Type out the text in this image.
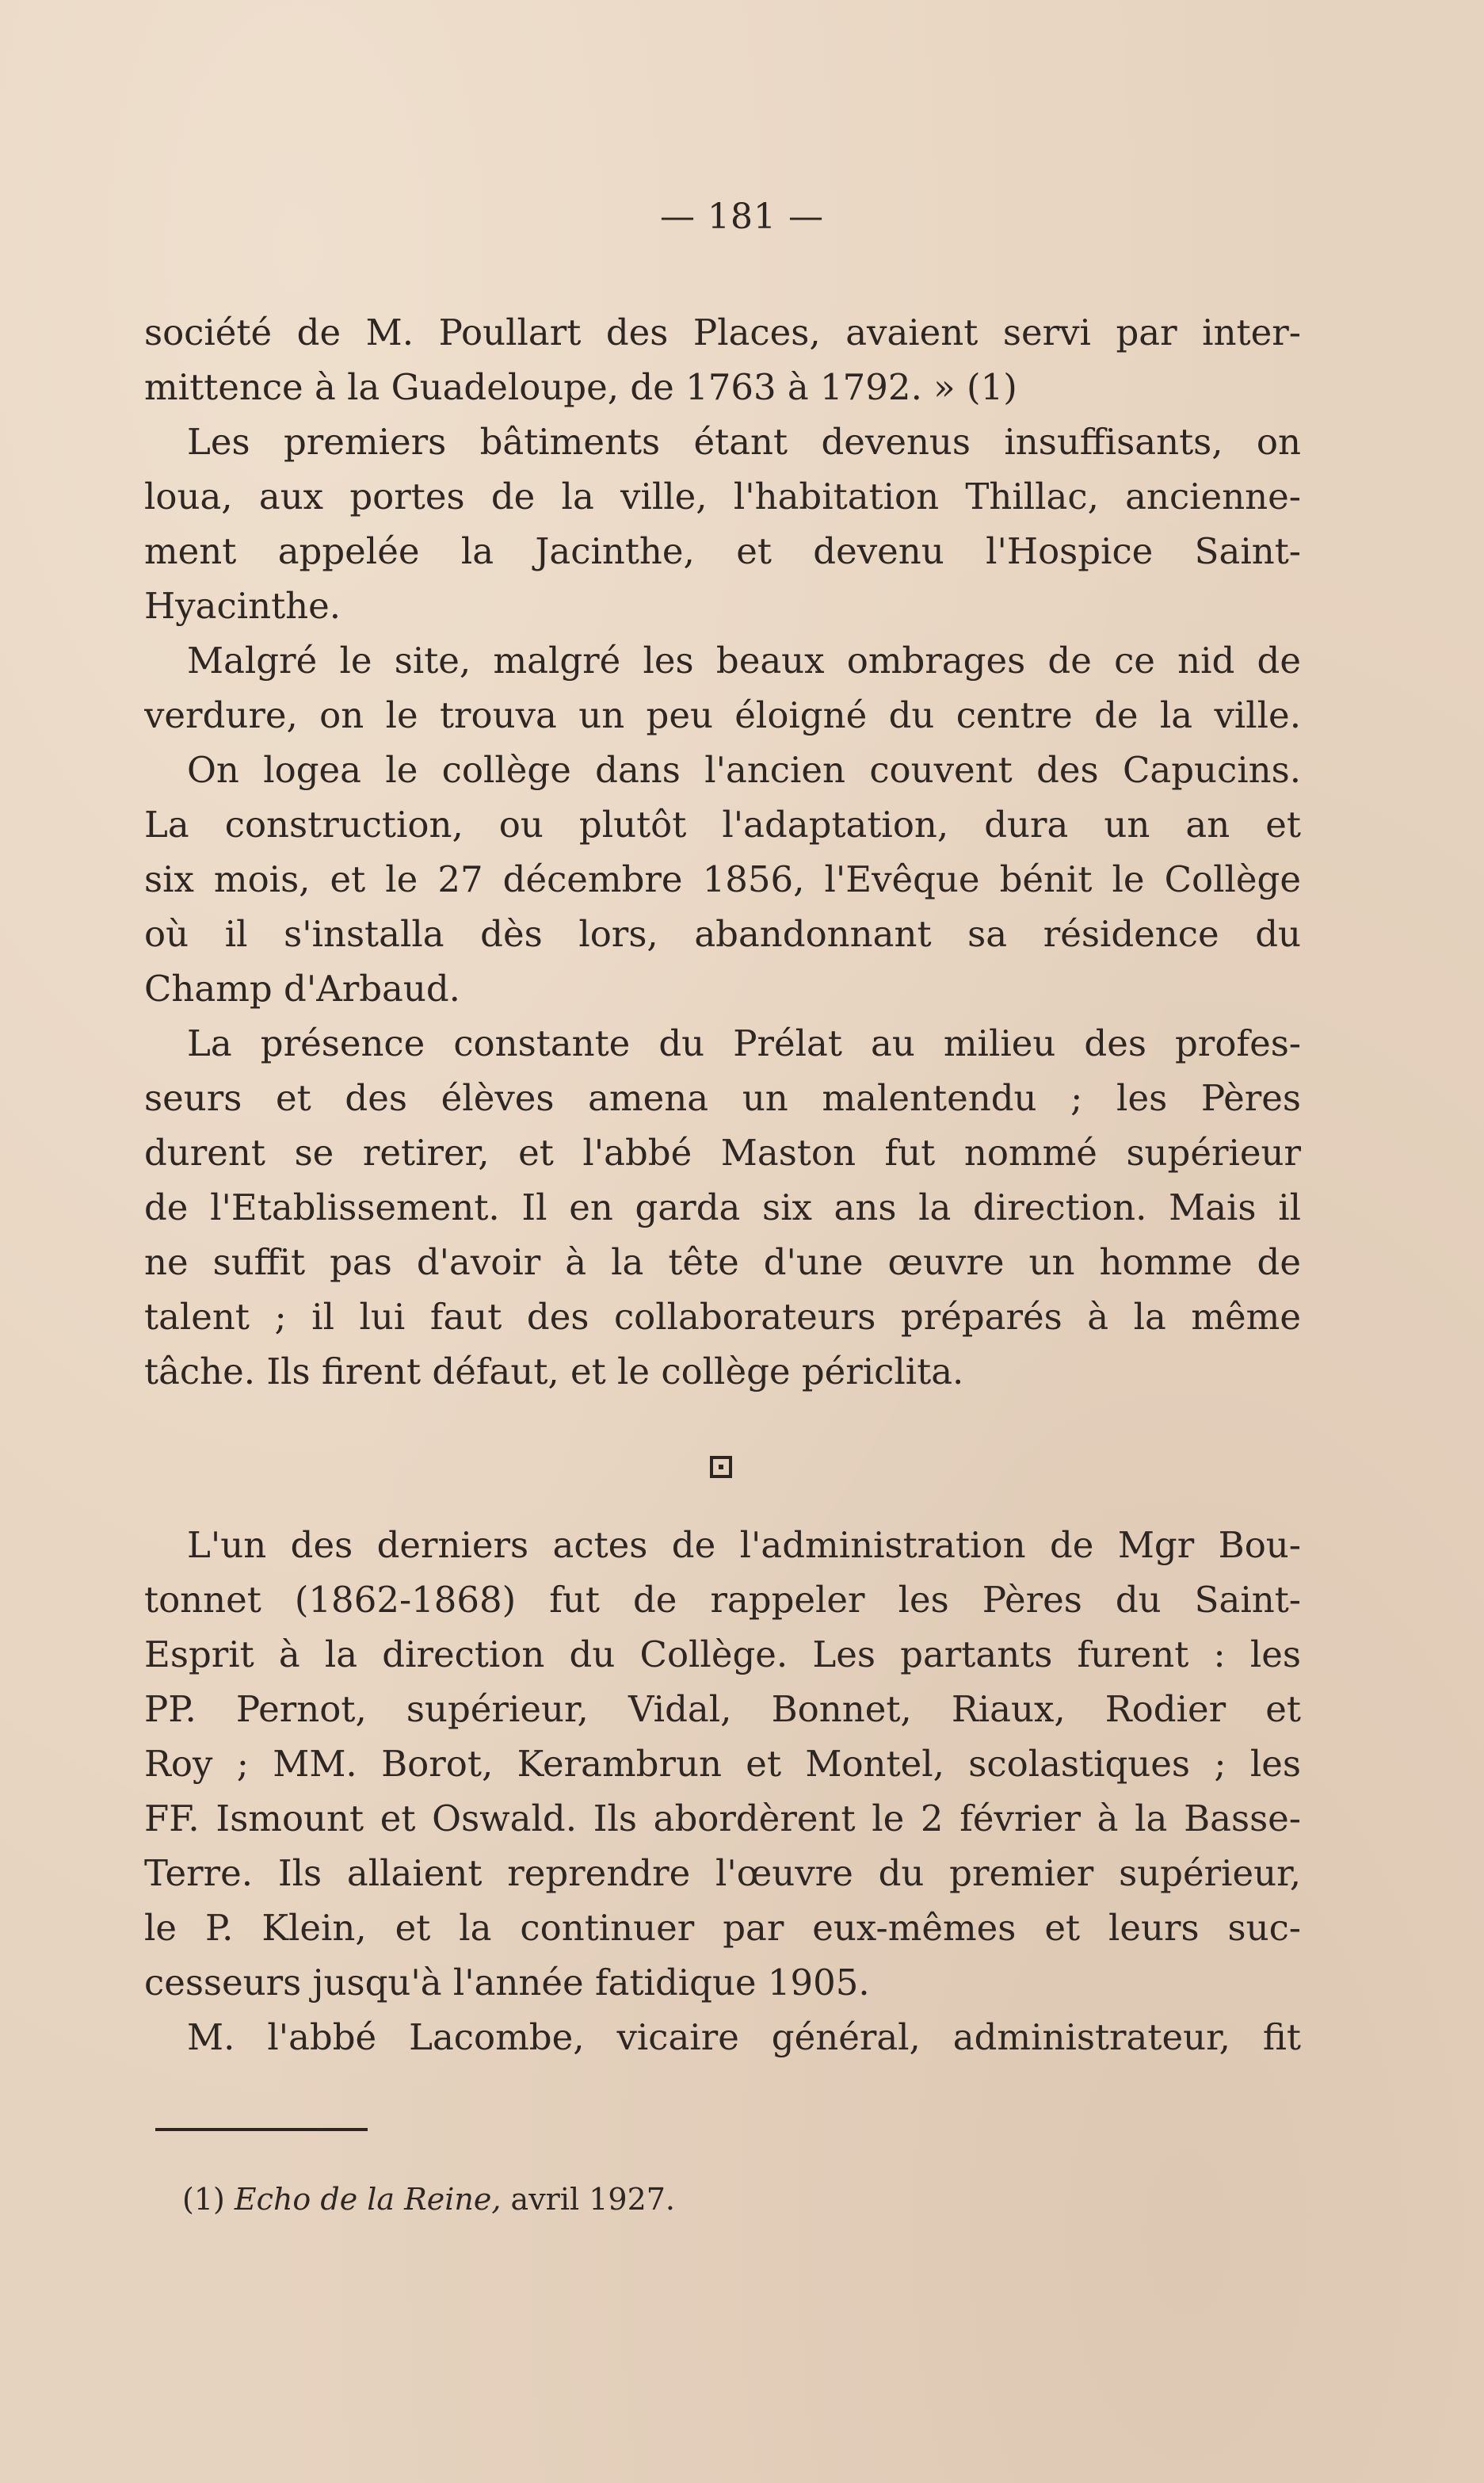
— 181 —
société de M. Poullart des Places, avaient servi par inter-
mittence à la Guadeloupe, de 1763 à 1792. » (1)
Les premiers bâtiments étant devenus insuffisants, on
loua, aux portes de la ville, l'habitation Thillac, ancienne-
ment appelée la Jacinthe, et devenu l'Hospice Saint-
Hyacinthe.
Malgré le site, malgré les beaux ombrages de ce nid de
verdure, on le trouva un peu éloigné du centre de la ville.
On logea le collège dans l'ancien couvent des Capucins.
La construction, ou plutôt l'adaptation, dura un an et
six mois, et le 27 décembre 1856, l'Evêque bénit le Collège
où il s'installa dès lors, abandonnant sa résidence du
Champ d'Arbaud.
La présence constante du Prélat au milieu des profes-
seurs et des élèves amena un malentendu ; les Pères
durent se retirer, et l'abbé Maston fut nommé supérieur
de l'Etablissement. Il en garda six ans la direction. Mais il
ne suffit pas d'avoir à la tête d'une œuvre un homme de
talent ; il lui faut des collaborateurs préparés à la même
tâche. Ils firent défaut, et le collège périclita.
L'un des derniers actes de l'administration de Mgr Bou-
tonnet (1862-1868) fut de rappeler les Pères du Saint-
Esprit à la direction du Collège. Les partants furent : les
PP. Pernot, supérieur, Vidal, Bonnet, Riaux, Rodier et
Roy ; MM. Borot, Kerambrun et Montel, scolastiques ; les
FF. Ismount et Oswald. Ils abordèrent le 2 février à la Basse-
Terre. Ils allaient reprendre l'œuvre du premier supérieur,
le P. Klein, et la continuer par eux-mêmes et leurs suc-
cesseurs jusqu'à l'année fatidique 1905.
M. l'abbé Lacombe, vicaire général, administrateur, fit
(1) Echo de la Reine, avril 1927.
